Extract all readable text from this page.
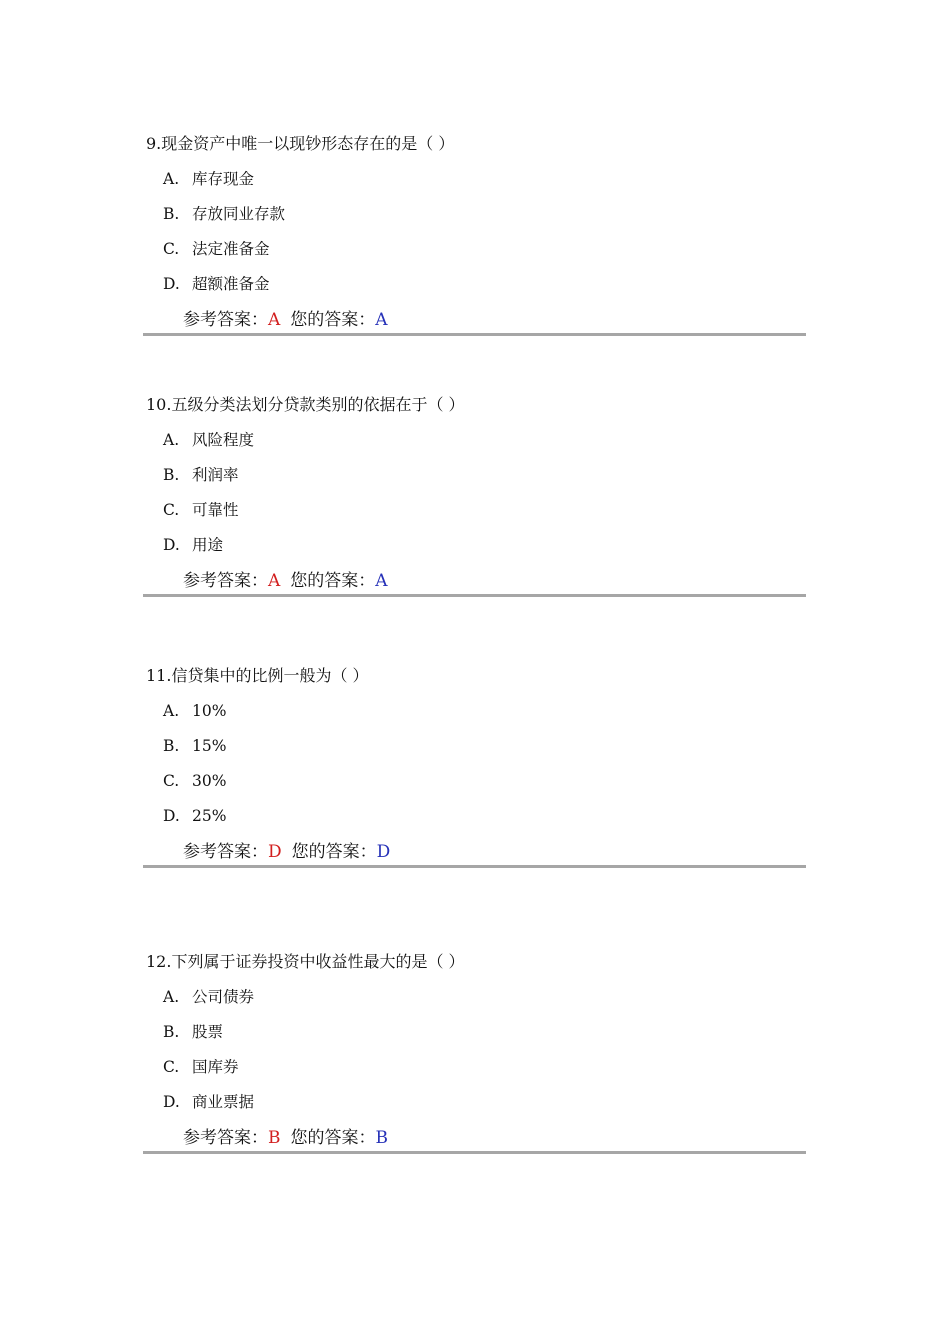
9.现金资产中唯一以现钞形态存在的是（ ）
A. 库存现金
B. 存放同业存款
C. 法定准备金
D. 超额准备金
参考答案：A 您的答案：A
10.五级分类法划分贷款类别的依据在于（ ）
A. 风险程度
B. 利润率
C. 可靠性
D. 用途
参考答案：A 您的答案：A
11.信贷集中的比例一般为（ ）
A. 10%
B. 15%
C. 30%
D. 25%
参考答案：D 您的答案：D
12.下列属于证券投资中收益性最大的是（ ）
A. 公司债券
B. 股票
C. 国库券
D. 商业票据
参考答案：B 您的答案：B
